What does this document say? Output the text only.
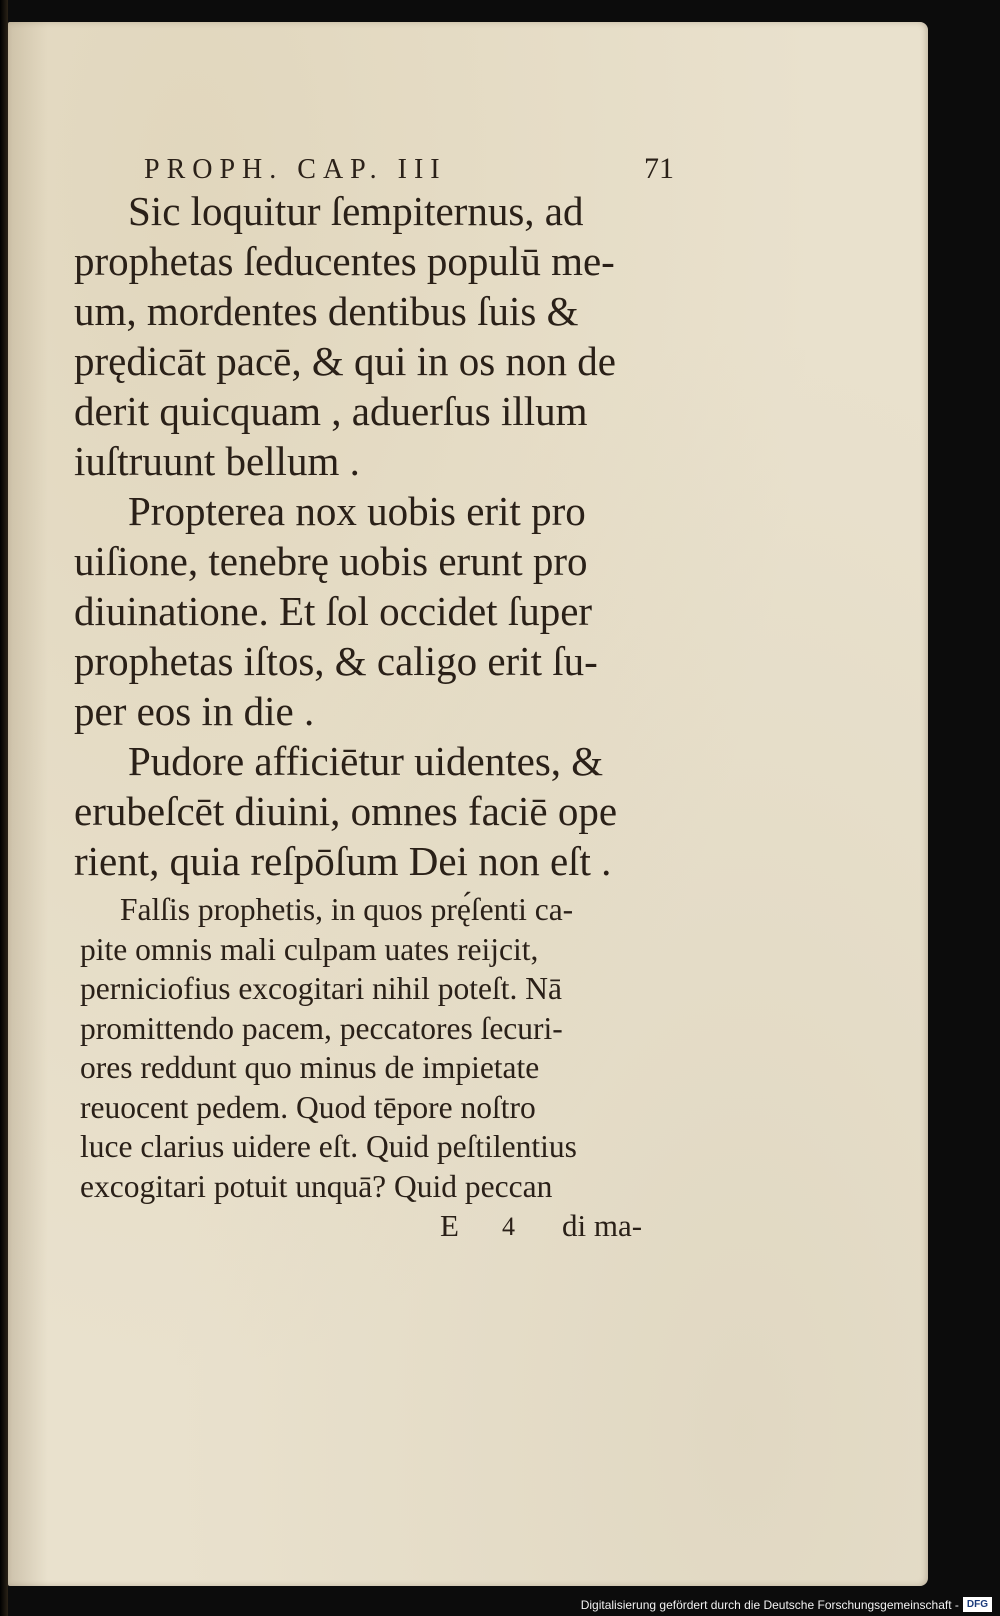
PROPH. CAP. III	71

Sic loquitur ſempiternus, ad
prophetas ſeducentes populū me-
um, mordentes dentibus ſuis &
prędicāt pacē, & qui in os non de
derit quicquam , aduerſus illum
iuſtruunt bellum .

Propterea nox uobis erit pro
uiſione, tenebrę uobis erunt pro
diuinatione. Et ſol occidet ſuper
prophetas iſtos, & caligo erit ſu-
per eos in die .

Pudore afficiētur uidentes, &
erubeſcēt diuini, omnes faciē ope
rient, quia reſpōſum Dei non eſt .

Falſis prophetis, in quos prę́ſenti ca-
pite omnis mali culpam uates reijcit,
perniciofius excogitari nihil poteſt. Nā
promittendo pacem, peccatores ſecuri-
ores reddunt quo minus de impietate
reuocent pedem. Quod tēpore noſtro
luce clarius uidere eſt. Quid peſtilentius
excogitari potuit unquā? Quid peccan

E 4 di ma-
Digitalisierung gefördert durch die Deutsche Forschungsgemeinschaft - DFG
